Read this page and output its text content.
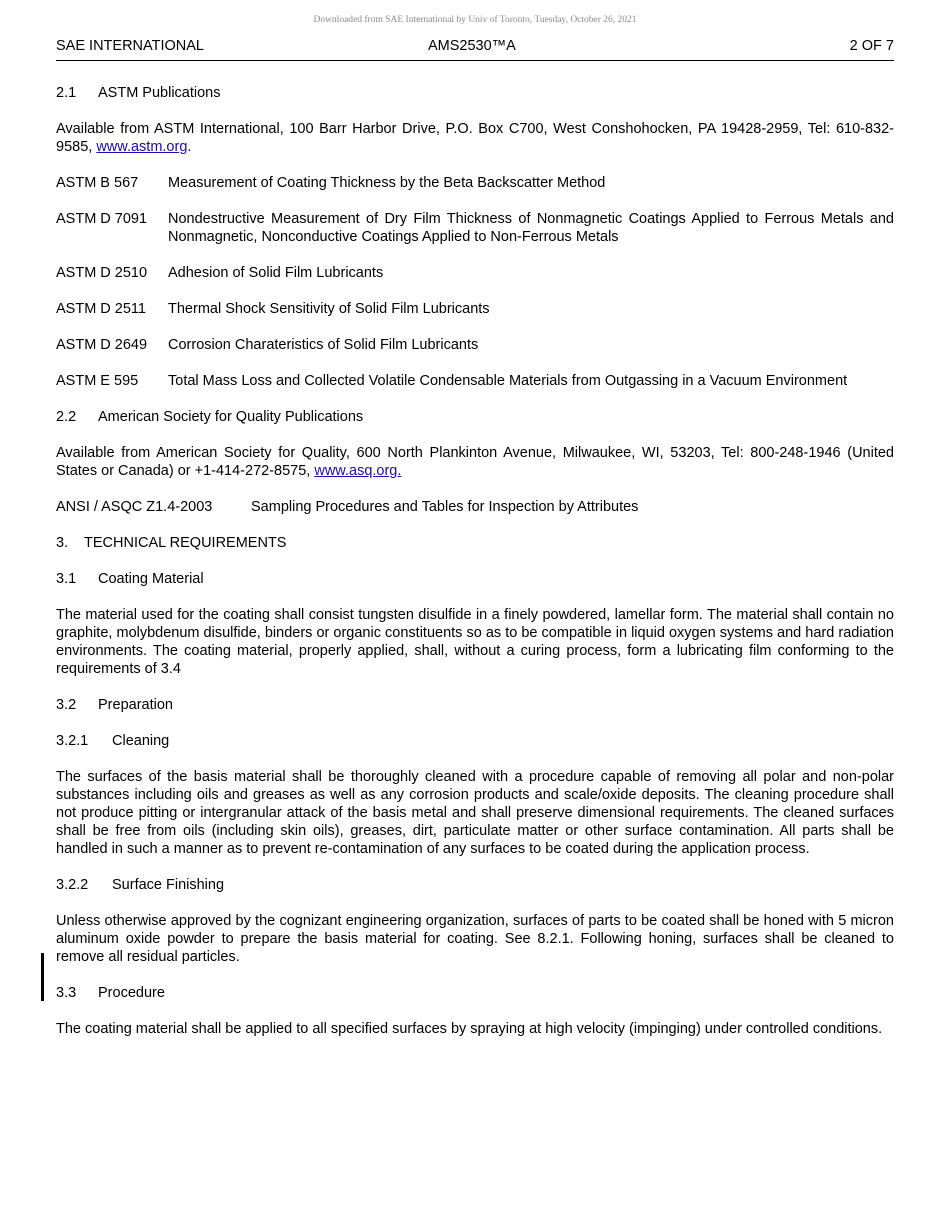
Downloaded from SAE International by Univ of Toronto, Tuesday, October 26, 2021
SAE INTERNATIONAL	AMS2530™A	2 OF 7
2.1 ASTM Publications

Available from ASTM International, 100 Barr Harbor Drive, P.O. Box C700, West Conshohocken, PA 19428-2959, Tel: 610-832-9585, www.astm.org.

ASTM B 567	Measurement of Coating Thickness by the Beta Backscatter Method
ASTM D 7091	Nondestructive Measurement of Dry Film Thickness of Nonmagnetic Coatings Applied to Ferrous Metals and Nonmagnetic, Nonconductive Coatings Applied to Non-Ferrous Metals
ASTM D 2510	Adhesion of Solid Film Lubricants
ASTM D 2511	Thermal Shock Sensitivity of Solid Film Lubricants
ASTM D 2649	Corrosion Charateristics of Solid Film Lubricants
ASTM E 595	Total Mass Loss and Collected Volatile Condensable Materials from Outgassing in a Vacuum Environment
2.2 American Society for Quality Publications

Available from American Society for Quality, 600 North Plankinton Avenue, Milwaukee, WI, 53203, Tel: 800-248-1946 (United States or Canada) or +1-414-272-8575, www.asq.org.

ANSI / ASQC Z1.4-2003	Sampling Procedures and Tables for Inspection by Attributes
3. TECHNICAL REQUIREMENTS
3.1 Coating Material

The material used for the coating shall consist tungsten disulfide in a finely powdered, lamellar form. The material shall contain no graphite, molybdenum disulfide, binders or organic constituents so as to be compatible in liquid oxygen systems and hard radiation environments. The coating material, properly applied, shall, without a curing process, form a lubricating film conforming to the requirements of 3.4

3.2 Preparation
3.2.1 Cleaning

The surfaces of the basis material shall be thoroughly cleaned with a procedure capable of removing all polar and non-polar substances including oils and greases as well as any corrosion products and scale/oxide deposits. The cleaning procedure shall not produce pitting or intergranular attack of the basis metal and shall preserve dimensional requirements. The cleaned surfaces shall be free from oils (including skin oils), greases, dirt, particulate matter or other surface contamination. All parts shall be handled in such a manner as to prevent re-contamination of any surfaces to be coated during the application process.

3.2.2 Surface Finishing

Unless otherwise approved by the cognizant engineering organization, surfaces of parts to be coated shall be honed with 5 micron aluminum oxide powder to prepare the basis material for coating. See 8.2.1. Following honing, surfaces shall be cleaned to remove all residual particles.

3.3 Procedure

The coating material shall be applied to all specified surfaces by spraying at high velocity (impinging) under controlled conditions.
